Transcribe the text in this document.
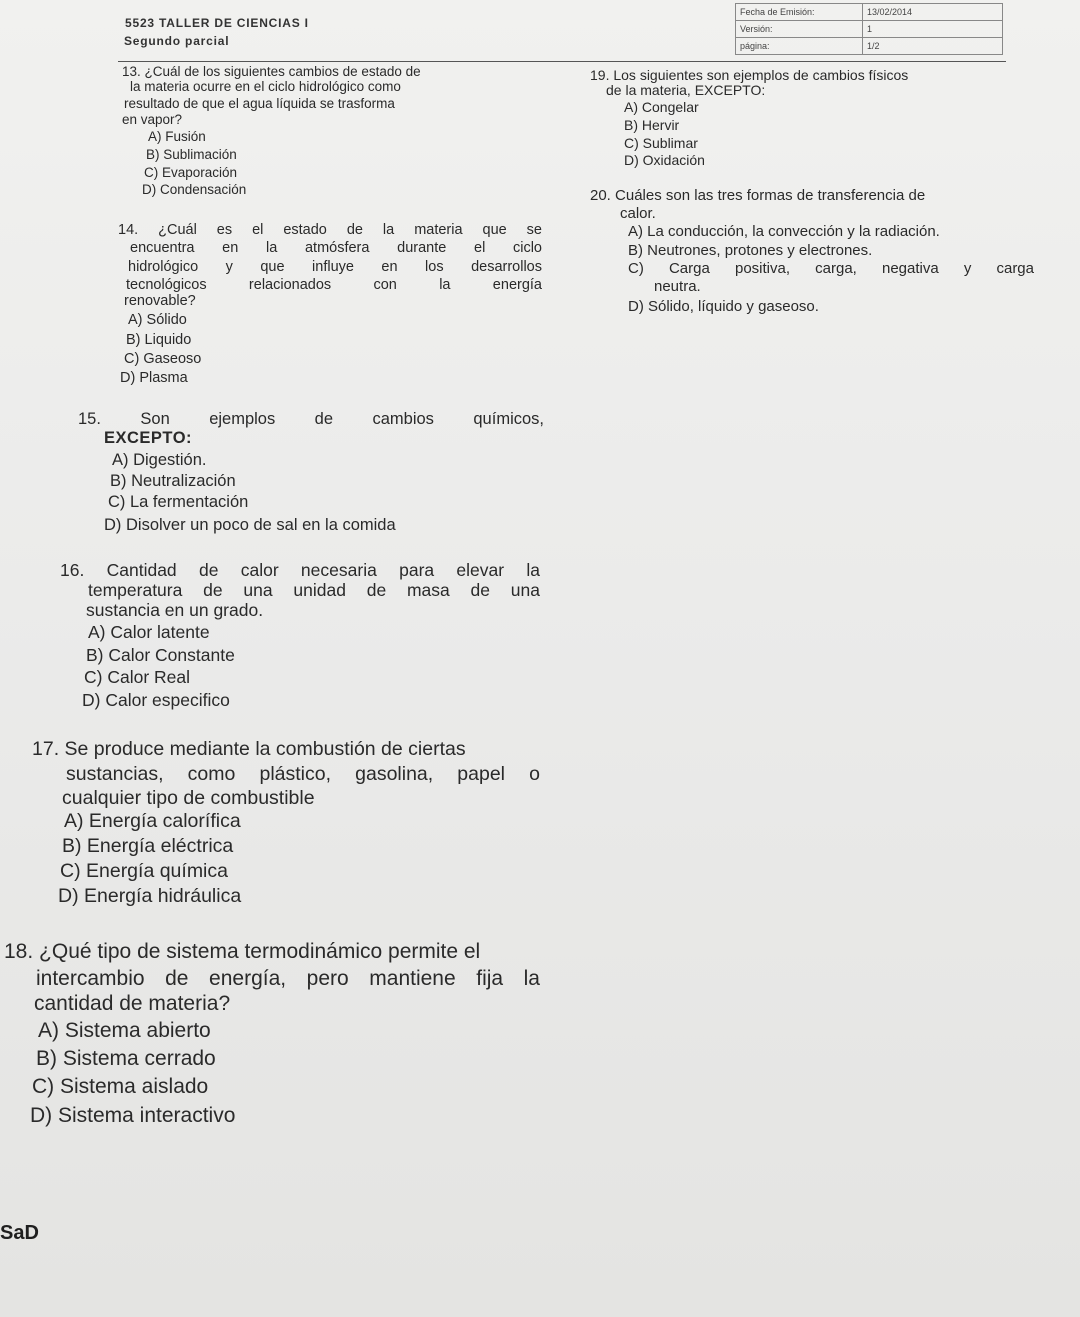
5523 TALLER DE CIENCIAS I
Segundo parcial
Fecha de Emisión:	13/02/2014
Versión:	1
página:	1/2
13. ¿Cuál de los siguientes cambios de estado de
la materia ocurre en el ciclo hidrológico como
resultado de que el agua líquida se trasforma
en vapor?
A) Fusión
B) Sublimación
C) Evaporación
D) Condensación
14. ¿Cuál es el estado de la materia que se
encuentra en la atmósfera durante el ciclo
hidrológico y que influye en los desarrollos
tecnológicos relacionados con la energía
renovable?
A) Sólido
B) Liquido
C) Gaseoso
D) Plasma
15. Son ejemplos de cambios químicos,
EXCEPTO:
A) Digestión.
B) Neutralización
C) La fermentación
D) Disolver un poco de sal en la comida
16. Cantidad de calor necesaria para elevar la
temperatura de una unidad de masa de una
sustancia en un grado.
A) Calor latente
B) Calor Constante
C) Calor Real
D) Calor especifico
17. Se produce mediante la combustión de ciertas
sustancias, como plástico, gasolina, papel o
cualquier tipo de combustible
A) Energía calorífica
B) Energía eléctrica
C) Energía química
D) Energía hidráulica
18. ¿Qué tipo de sistema termodinámico permite el
intercambio de energía, pero mantiene fija la
cantidad de materia?
A) Sistema abierto
B) Sistema cerrado
C) Sistema aislado
D) Sistema interactivo
19. Los siguientes son ejemplos de cambios físicos
de la materia, EXCEPTO:
A) Congelar
B) Hervir
C) Sublimar
D) Oxidación
20. Cuáles son las tres formas de transferencia de
calor.
A) La conducción, la convección y la radiación.
B) Neutrones, protones y electrones.
C) Carga positiva, carga, negativa y carga
neutra.
D) Sólido, líquido y gaseoso.
SaD
